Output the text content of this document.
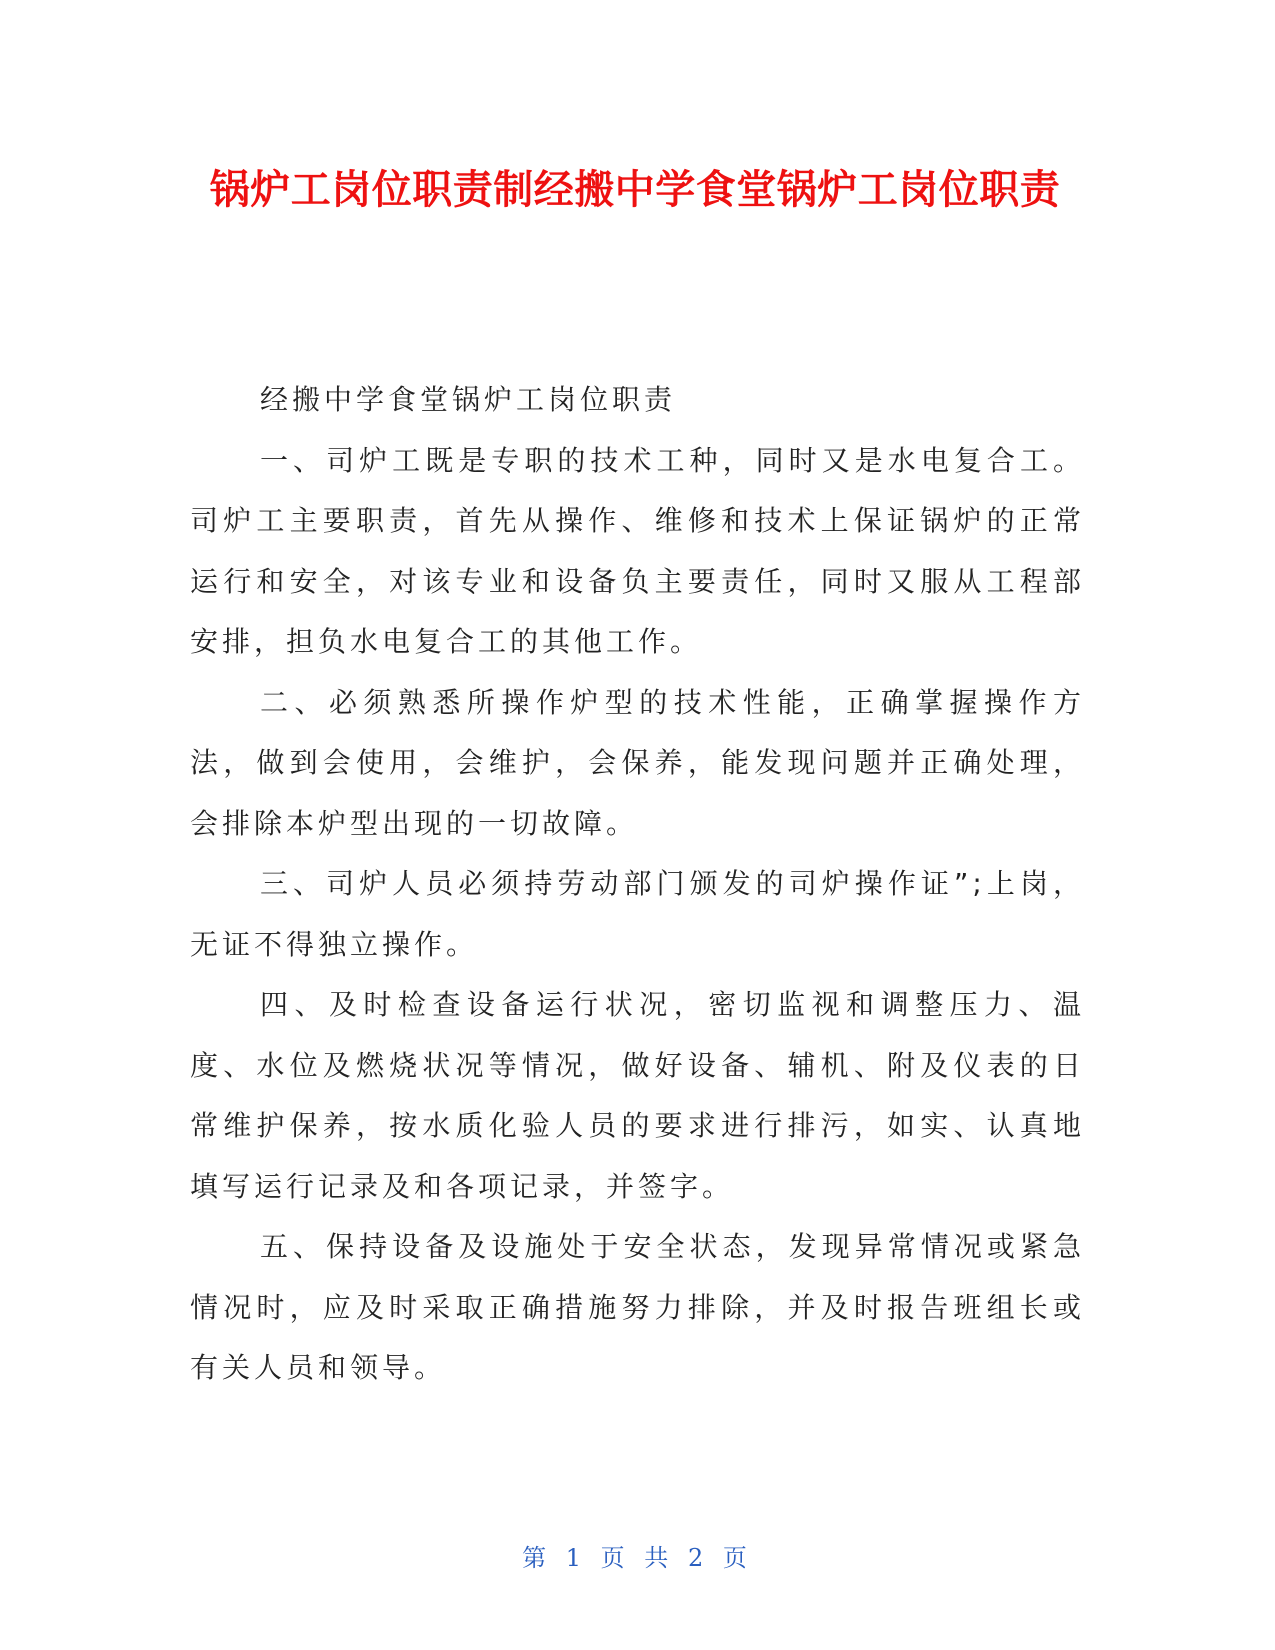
锅炉工岗位职责制经搬中学食堂锅炉工岗位职责

经搬中学食堂锅炉工岗位职责

一、司炉工既是专职的技术工种，同时又是水电复合工。司炉工主要职责，首先从操作、维修和技术上保证锅炉的正常运行和安全，对该专业和设备负主要责任，同时又服从工程部安排，担负水电复合工的其他工作。

二、必须熟悉所操作炉型的技术性能，正确掌握操作方法，做到会使用，会维护，会保养，能发现问题并正确处理，会排除本炉型出现的一切故障。

三、司炉人员必须持劳动部门颁发的司炉操作证”;上岗，无证不得独立操作。

四、及时检查设备运行状况，密切监视和调整压力、温度、水位及燃烧状况等情况，做好设备、辅机、附及仪表的日常维护保养，按水质化验人员的要求进行排污，如实、认真地填写运行记录及和各项记录，并签字。

五、保持设备及设施处于安全状态，发现异常情况或紧急情况时，应及时采取正确措施努力排除，并及时报告班组长或有关人员和领导。

第 1 页 共 2 页
